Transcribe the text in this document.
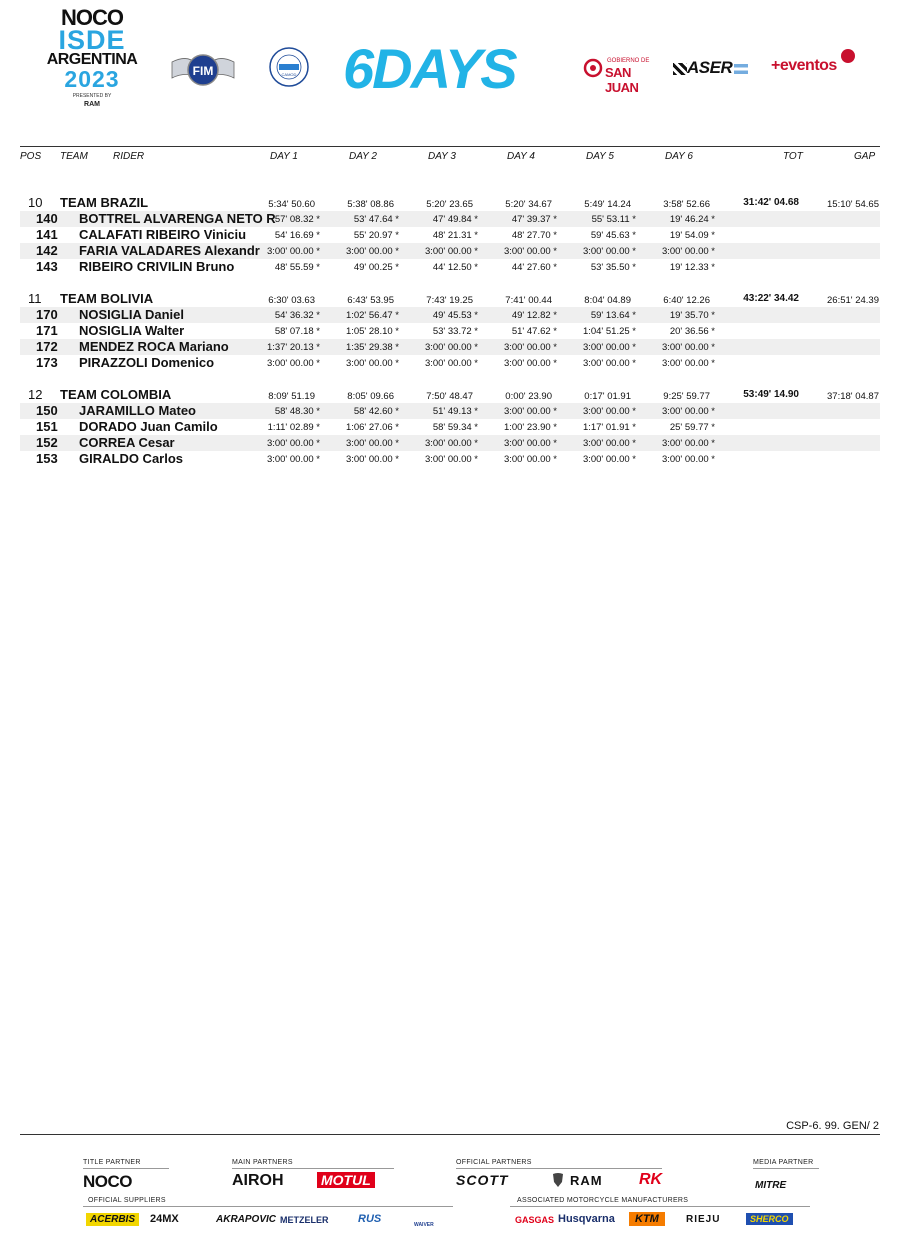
NOCO
ISDE
ARGENTINA
2023
PRESENTED BY
RAM
FIM	CAMOD 6DAYS	GOBIERNO DE
SAN JUAN
ASER	+eventos
POS TEAM	RIDER	DAY 1	DAY 2	DAY 3	DAY 4	DAY 5	DAY 6	TOT	GAP
10 TEAM BRAZIL	5:34' 50.60	5:38' 08.86	5:20' 23.65	5:20' 34.67	5:49' 14.24	3:58' 52.66	31:42' 04.68	15:10' 54.65
140 BOTTREL ALVARENGA NETO R 57' 08.32 *	53' 47.64 *	47' 49.84 *	47' 39.37 *	55' 53.11 *	19' 46.24 *
141 CALAFATI RIBEIRO Viniciu	54' 16.69 *	55' 20.97 *	48' 21.31 *	48' 27.70 *	59' 45.63 *	19' 54.09 *
142 FARIA VALADARES Alexandr 3:00' 00.00 *	3:00' 00.00 *	3:00' 00.00 *	3:00' 00.00 *	3:00' 00.00 *	3:00' 00.00 *
143 RIBEIRO CRIVILIN Bruno	48' 55.59 *	49' 00.25 *	44' 12.50 *	44' 27.60 *	53' 35.50 *	19' 12.33 *
11 TEAM BOLIVIA	6:30' 03.63	6:43' 53.95	7:43' 19.25	7:41' 00.44	8:04' 04.89	6:40' 12.26	43:22' 34.42	26:51' 24.39
170 NOSIGLIA Daniel	54' 36.32 *	1:02' 56.47 *	49' 45.53 *	49' 12.82 *	59' 13.64 *	19' 35.70 *
171 NOSIGLIA Walter	58' 07.18 *	1:05' 28.10 *	53' 33.72 *	51' 47.62 *	1:04' 51.25 *	20' 36.56 *
172 MENDEZ ROCA Mariano	1:37' 20.13 *	1:35' 29.38 *	3:00' 00.00 *	3:00' 00.00 *	3:00' 00.00 *	3:00' 00.00 *
173 PIRAZZOLI Domenico	3:00' 00.00 *	3:00' 00.00 *	3:00' 00.00 *	3:00' 00.00 *	3:00' 00.00 *	3:00' 00.00 *
12 TEAM COLOMBIA	8:09' 51.19	8:05' 09.66	7:50' 48.47	0:00' 23.90	0:17' 01.91	9:25' 59.77	53:49' 14.90	37:18' 04.87
150 JARAMILLO Mateo	58' 48.30 *	58' 42.60 *	51' 49.13 *	3:00' 00.00 *	3:00' 00.00 *	3:00' 00.00 *
151 DORADO Juan Camilo	1:11' 02.89 *	1:06' 27.06 *	58' 59.34 *	1:00' 23.90 *	1:17' 01.91 *	25' 59.77 *
152 CORREA Cesar	3:00' 00.00 *	3:00' 00.00 *	3:00' 00.00 *	3:00' 00.00 *	3:00' 00.00 *	3:00' 00.00 *
153 GIRALDO Carlos	3:00' 00.00 *	3:00' 00.00 *	3:00' 00.00 *	3:00' 00.00 *	3:00' 00.00 *	3:00' 00.00 *
CSP-6. 99. GEN/ 2
TITLE PARTNER
NOCO
MAIN PARTNERS
AIROH	MOTUL
OFFICIAL PARTNERS
SCOTT	RAM RK
MEDIA PARTNER
MITRE
OFFICIAL SUPPLIERS
ACERBIS	24MX	AKRAPOVIC METZELER	RUS	WAIVER
ASSOCIATED MOTORCYCLE MANUFACTURERS
GASGAS Husqvarna	KTM	RIEJU	SHERCO
